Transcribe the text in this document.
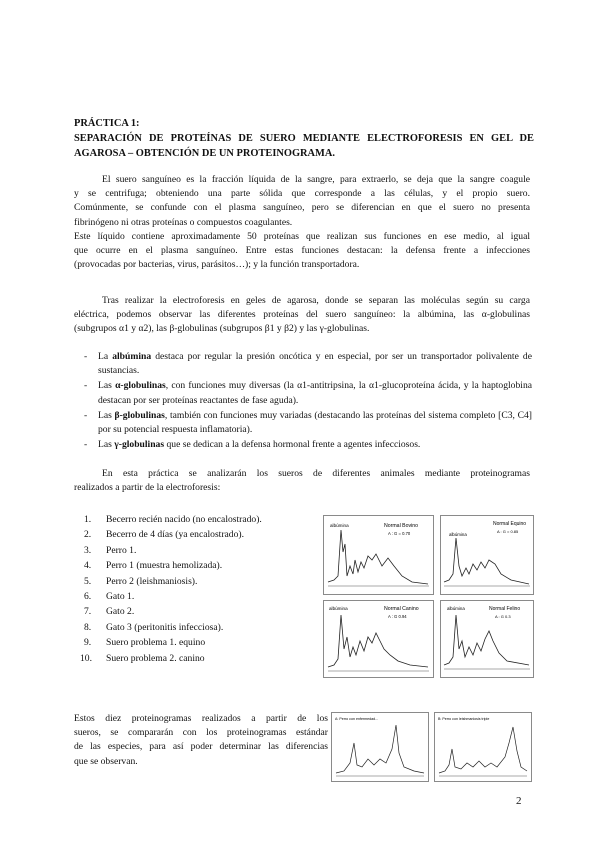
PRÁCTICA 1:
SEPARACIÓN DE PROTEÍNAS DE SUERO MEDIANTE ELECTROFORESIS EN GEL DE
AGAROSA – OBTENCIÓN DE UN PROTEINOGRAMA.

El suero sanguíneo es la fracción líquida de la sangre, para extraerlo, se deja que la sangre coagule
y se centrifuga; obteniendo una parte sólida que corresponde a las células, y el propio suero.
Comúnmente, se confunde con el plasma sanguíneo, pero se diferencian en que el suero no presenta
fibrinógeno ni otras proteínas o compuestos coagulantes.

Este líquido contiene aproximadamente 50 proteínas que realizan sus funciones en ese medio, al igual
que ocurre en el plasma sanguíneo. Entre estas funciones destacan: la defensa frente a infecciones
(provocadas por bacterias, virus, parásitos…); y la función transportadora.

Tras realizar la electroforesis en geles de agarosa, donde se separan las moléculas según su carga
eléctrica, podemos observar las diferentes proteínas del suero sanguíneo: la albúmina, las α-globulinas
(subgrupos α1 y α2), las β-globulinas (subgrupos β1 y β2) y las γ-globulinas.

- La albúmina destaca por regular la presión oncótica y en especial, por ser un transportador polivalente de sustancias.
- Las α-globulinas, con funciones muy diversas (la α1-antitripsina, la α1-glucoproteína ácida, y la haptoglobina destacan por ser proteínas reactantes de fase aguda).
- Las β-globulinas, también con funciones muy variadas (destacando las proteínas del sistema completo [C3, C4] por su potencial respuesta inflamatoria).
- Las γ-globulinas que se dedican a la defensa hormonal frente a agentes infecciosos.

En esta práctica se analizarán los sueros de diferentes animales mediante proteinogramas
realizados a partir de la electroforesis:

1.	Becerro recién nacido (no encalostrado).
2.	Becerro de 4 días (ya encalostrado).
3.	Perro 1.
4.	Perro 1 (muestra hemolizada).
5.	Perro 2 (leishmaniosis).
6.	Gato 1.
7.	Gato 2.
8.	Gato 3 (peritonitis infecciosa).
9.	Suero problema 1. equino
10.	Suero problema 2. canino

Estos diez proteinogramas realizados a partir de los
sueros, se compararán con los proteinogramas estándar
de las especies, para así poder determinar las diferencias
que se observan.

albúmina	Normal Bovino
A : G = 0.70	albúmina
Normal Equino
A : G = 0.85
albúmina	Normal Canino
A : G 0.94
albúmina	Normal Felino
A : G 0.3
A: Perro con enfermedad...	B: Perro con leishmaniosis triple
2
